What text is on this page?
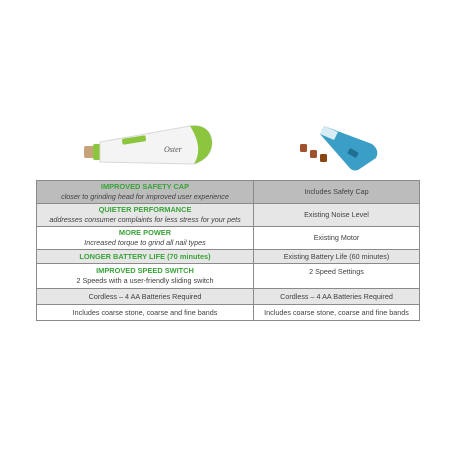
Oster
IMPROVED SAFETY CAP
closer to grinding head for improved user experience	Includes Safety Cap

QUIETER PERFORMANCE
addresses consumer complaints for less stress for your pets	Existing Noise Level

MORE POWER
Increased torque to grind all nail types	Existing Motor

LONGER BATTERY LIFE (70 minutes)	Existing Battery Life (60 minutes)

IMPROVED SPEED SWITCH
2 Speeds with a user-friendly sliding switch	2 Speed Settings
Cordless – 4 AA Batteries Required	Cordless – 4 AA Batteries Required
Includes coarse stone, coarse and fine bands	Includes coarse stone, coarse and fine bands
